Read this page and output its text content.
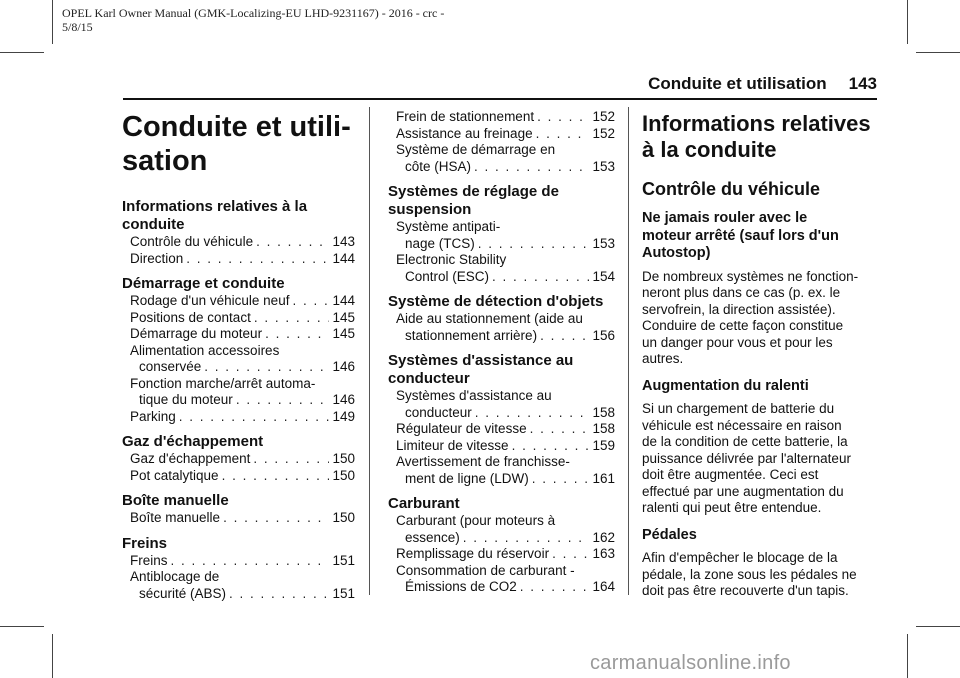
OPEL Karl Owner Manual (GMK-Localizing-EU LHD-9231167) - 2016 - crc -
5/8/15
Conduite et utilisation 143
Conduite et utili-
sation
Informations relatives à la
conduite
Contrôle du véhicule . . .	143
Direction . . .	144
Démarrage et conduite
Rodage d'un véhicule neuf . . .	144
Positions de contact . . .	145
Démarrage du moteur . . .	145
Alimentation accessoires
conservée . . .	146
Fonction marche/arrêt automa-
tique du moteur . . .	146
Parking . . .	149
Gaz d'échappement
Gaz d'échappement . . .	150
Pot catalytique . . .	150
Boîte manuelle
Boîte manuelle . . .	150
Freins
Freins . . .	151
Antiblocage de
sécurité (ABS) . . .	151
Frein de stationnement . . .	152
Assistance au freinage . . .	152
Système de démarrage en
côte (HSA) . . .	153
Systèmes de réglage de
suspension
Système antipati-
nage (TCS) . . .	153
Electronic Stability
Control (ESC) . . .	154
Système de détection d'objets
Aide au stationnement (aide au
stationnement arrière) . . .	156
Systèmes d'assistance au
conducteur
Systèmes d'assistance au
conducteur . . .	158
Régulateur de vitesse . . .	158
Limiteur de vitesse . . .	159
Avertissement de franchisse-
ment de ligne (LDW) . . .	161
Carburant
Carburant (pour moteurs à
essence) . . .	162
Remplissage du réservoir . . .	163
Consommation de carburant -
Émissions de CO2 . . .	164
Informations relatives
à la conduite
Contrôle du véhicule
Ne jamais rouler avec le
moteur arrêté (sauf lors d'un
Autostop)

De nombreux systèmes ne fonction-
neront plus dans ce cas (p. ex. le
servofrein, la direction assistée).
Conduire de cette façon constitue
un danger pour vous et pour les
autres.

Augmentation du ralenti

Si un chargement de batterie du
véhicule est nécessaire en raison
de la condition de cette batterie, la
puissance délivrée par l'alternateur
doit être augmentée. Ceci est
effectué par une augmentation du
ralenti qui peut être entendue.

Pédales

Afin d'empêcher le blocage de la
pédale, la zone sous les pédales ne
doit pas être recouverte d'un tapis.

carmanualsonline.info
